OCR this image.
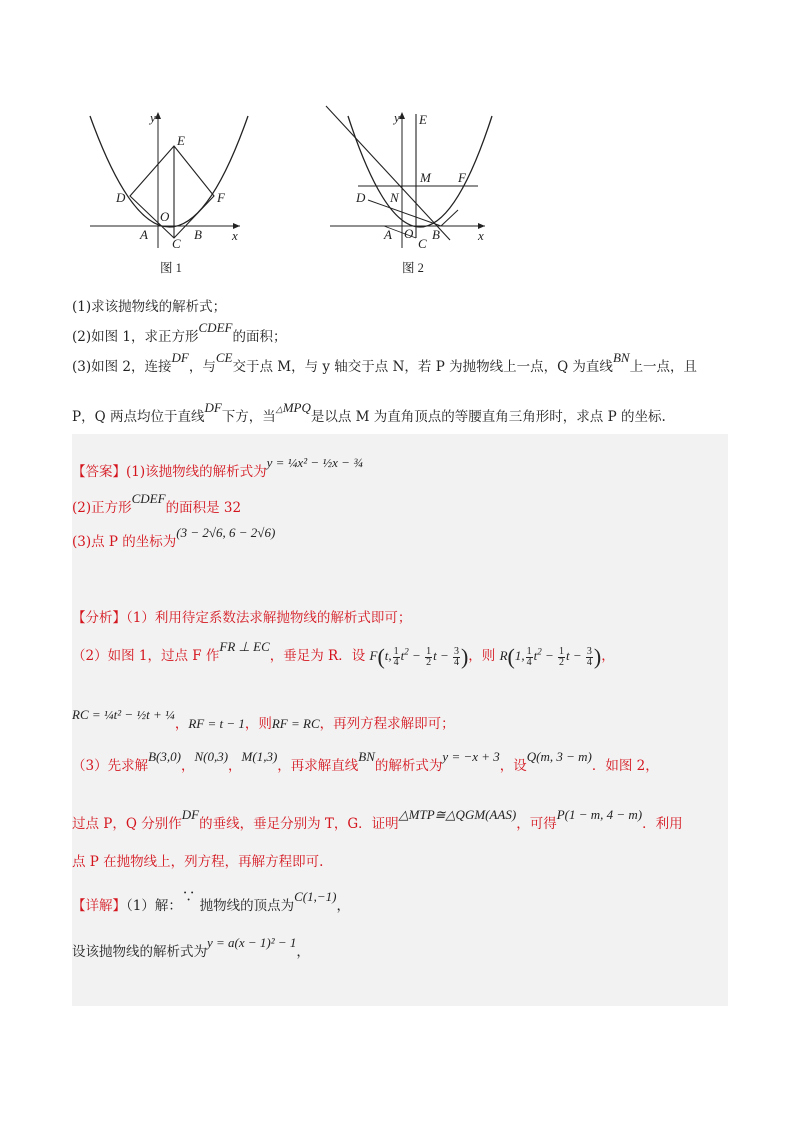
y
E
D	F
O
A	B
C
x
图 1
y E
M F
D N
A O B
C
x
图 2
(1)求该抛物线的解析式；
(2)如图 1，求正方形CDEF的面积；
(3)如图 2，连接DF，与CE交于点 M，与 y 轴交于点 N，若 P 为抛物线上一点，Q 为直线BN上一点，且
P，Q 两点均位于直线DF下方，当△MPQ是以点 M 为直角顶点的等腰直角三角形时，求点 P 的坐标.
【答案】(1)该抛物线的解析式为y = ¼x² − ½x − ¾
(2)正方形CDEF的面积是 32
(3)点 P 的坐标为(3 − 2√6, 6 − 2√6)
【分析】（1）利用待定系数法求解抛物线的解析式即可；
（2）如图 1，过点 F 作FR ⊥ EC，垂足为 R．设 F(t, $\frac{1}{4} t^2 - \frac{1}{2}$ $t - \frac{3}{4}$ )，则 R(1, $\frac{1}{4} t^2 - \frac{1}{2}$ $t - \frac{3}{4}$ )，
RC = ¼t² − ½t + ¼，RF = t − 1，则RF = RC，再列方程求解即可；
（3）先求解B(3,0)，N(0,3)，M(1,3)，再求解直线BN的解析式为y = −x + 3，设Q(m, 3 − m)．如图 2，
过点 P，Q 分别作DF的垂线，垂足分别为 T，G．证明△MTP≅△QGM(AAS)，可得P(1 − m, 4 − m)．利用
点 P 在抛物线上，列方程，再解方程即可.
【详解】（1）解：∵ 抛物线的顶点为C(1,−1)，
设该抛物线的解析式为y = a(x − 1)² − 1，
